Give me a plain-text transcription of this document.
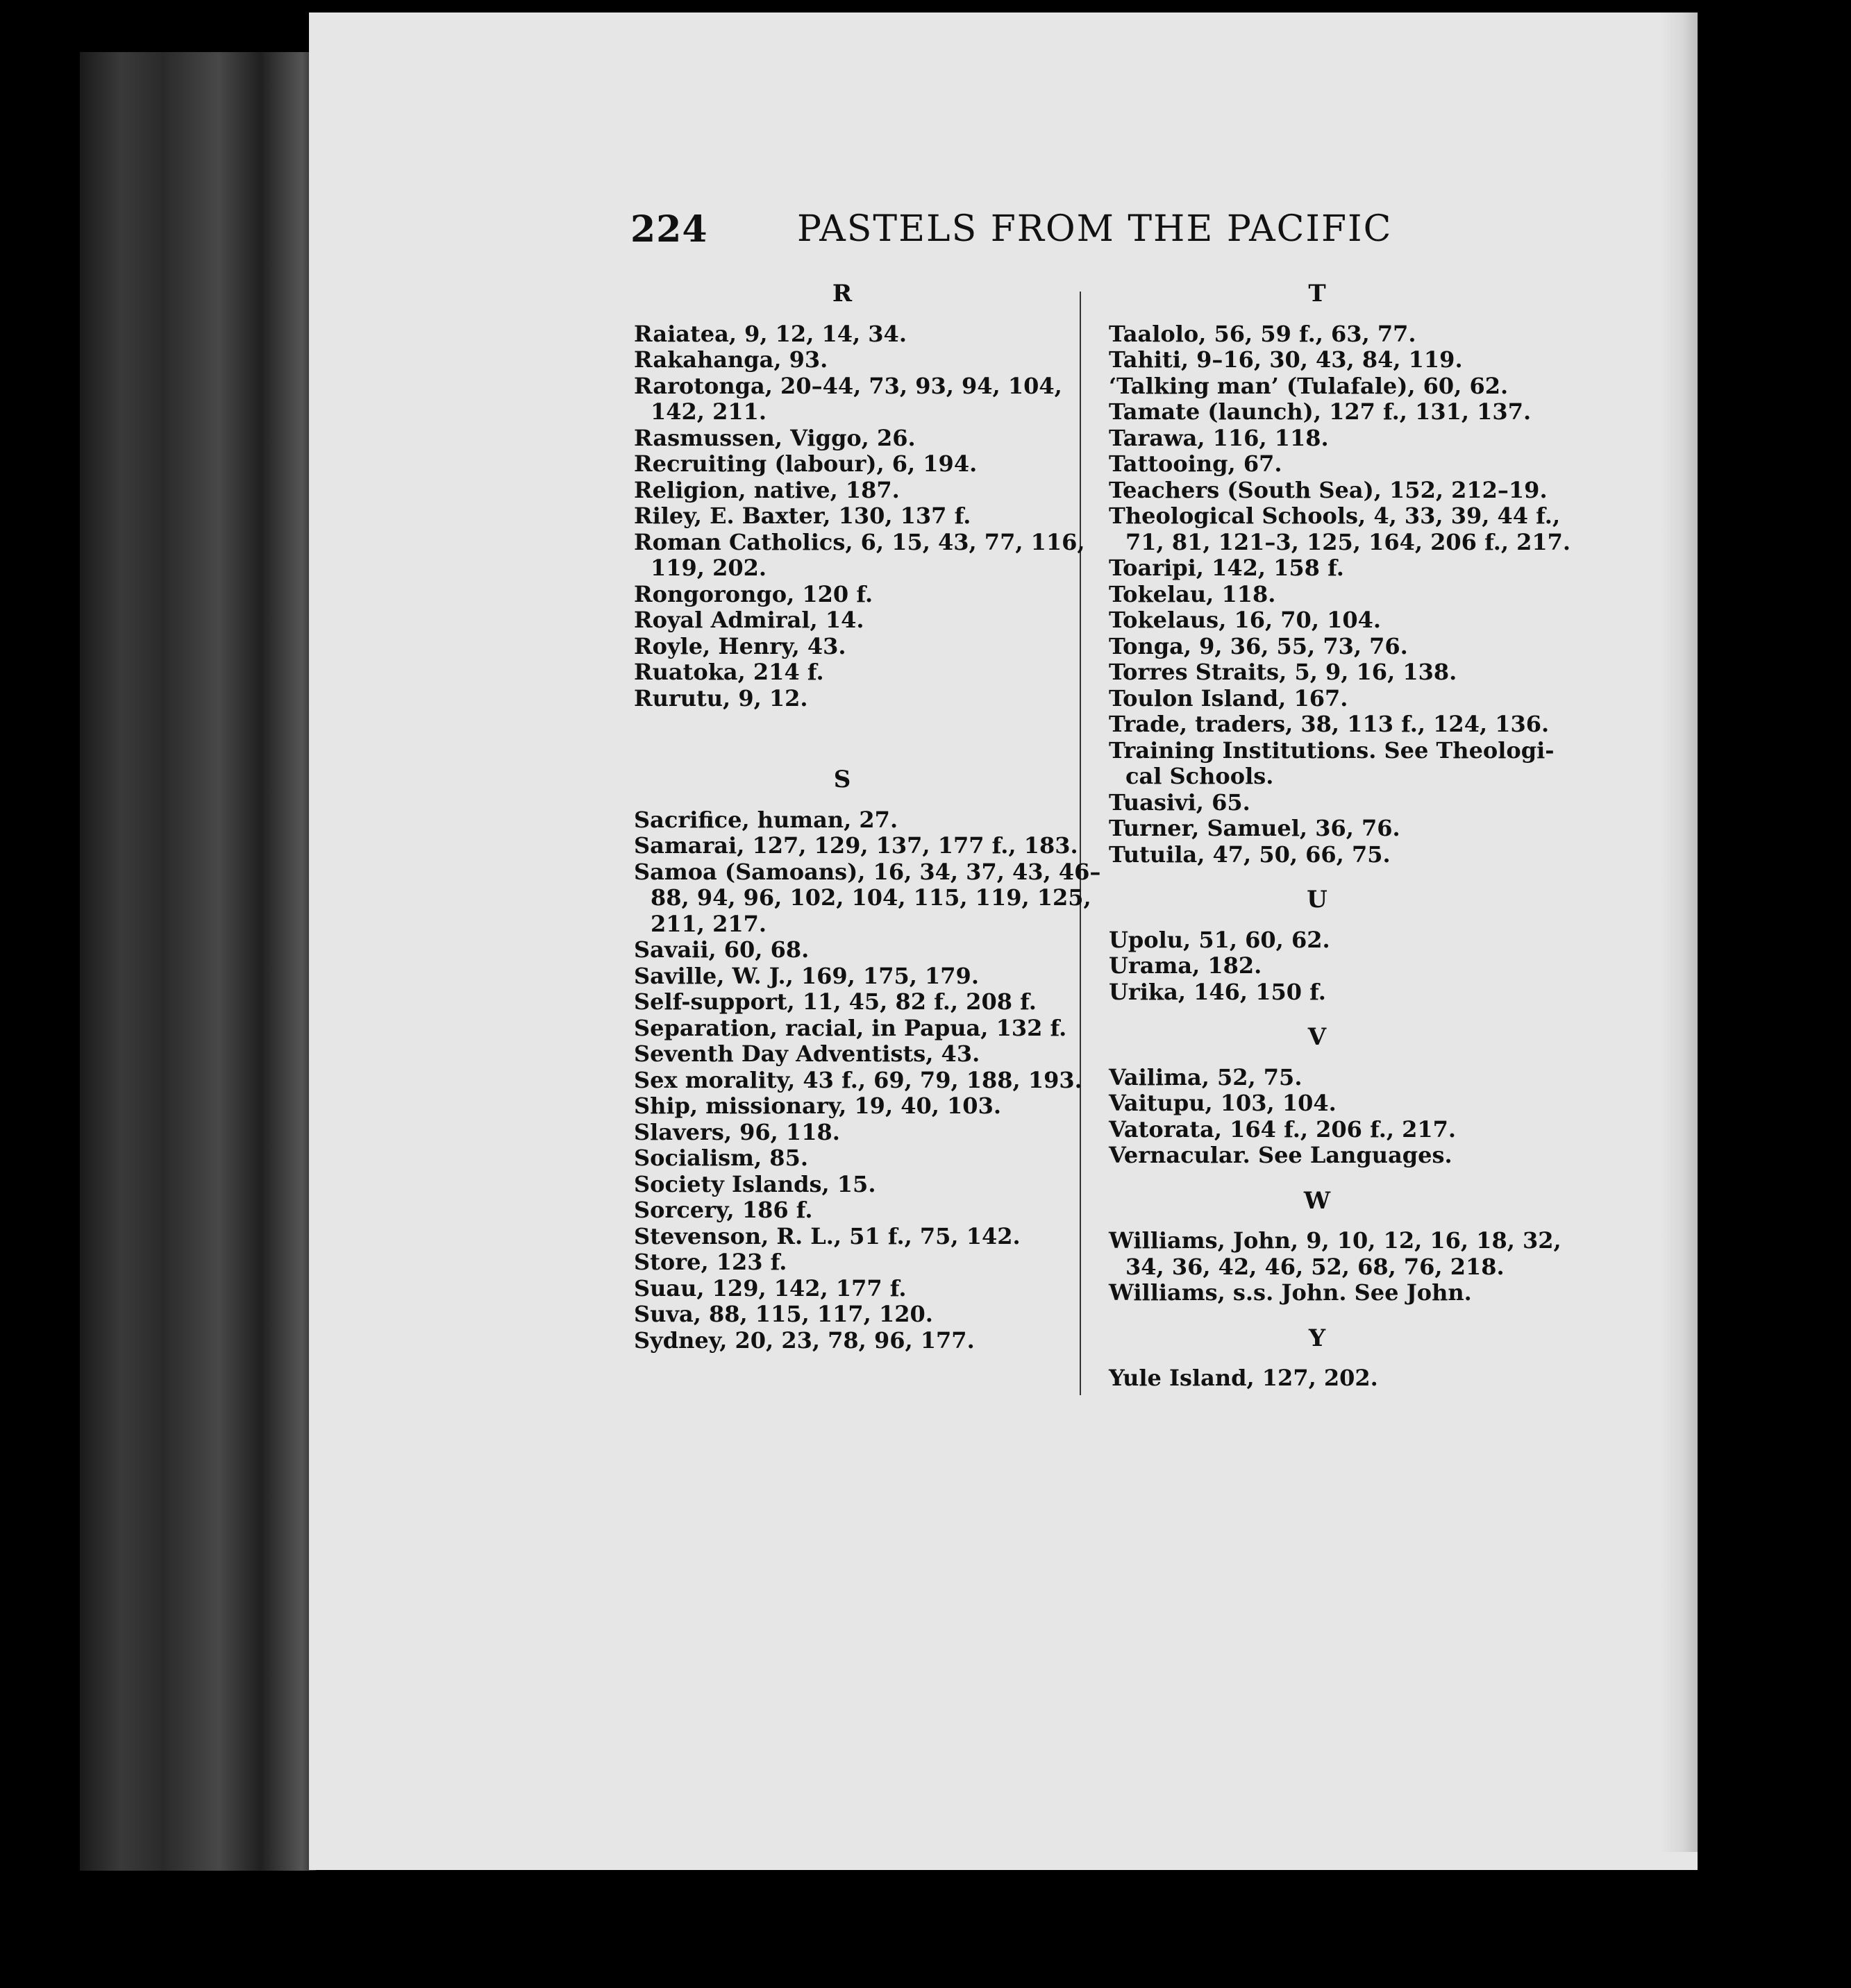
224 PASTELS FROM THE PACIFIC
R
Raiatea, 9, 12, 14, 34.
Rakahanga, 93.
Rarotonga, 20–44, 73, 93, 94, 104,

142, 211.
Rasmussen, Viggo, 26.
Recruiting (labour), 6, 194.
Religion, native, 187.
Riley, E. Baxter, 130, 137 f.
Roman Catholics, 6, 15, 43, 77, 116,

119, 202.
Rongorongo, 120 f.
Royal Admiral, 14.
Royle, Henry, 43.
Ruatoka, 214 f.
Rurutu, 9, 12.
S
Sacrifice, human, 27.
Samarai, 127, 129, 137, 177 f., 183.
Samoa (Samoans), 16, 34, 37, 43, 46–

88, 94, 96, 102, 104, 115, 119, 125,
211, 217.
Savaii, 60, 68.
Saville, W. J., 169, 175, 179.
Self-support, 11, 45, 82 f., 208 f.
Separation, racial, in Papua, 132 f.
Seventh Day Adventists, 43.
Sex morality, 43 f., 69, 79, 188, 193.
Ship, missionary, 19, 40, 103.
Slavers, 96, 118.
Socialism, 85.
Society Islands, 15.
Sorcery, 186 f.
Stevenson, R. L., 51 f., 75, 142.
Store, 123 f.
Suau, 129, 142, 177 f.
Suva, 88, 115, 117, 120.
Sydney, 20, 23, 78, 96, 177.
T
Taalolo, 56, 59 f., 63, 77.
Tahiti, 9–16, 30, 43, 84, 119.
‘Talking man’ (Tulafale), 60, 62.
Tamate (launch), 127 f., 131, 137.
Tarawa, 116, 118.
Tattooing, 67.
Teachers (South Sea), 152, 212–19.
Theological Schools, 4, 33, 39, 44 f.,

71, 81, 121–3, 125, 164, 206 f., 217.
Toaripi, 142, 158 f.
Tokelau, 118.
Tokelaus, 16, 70, 104.
Tonga, 9, 36, 55, 73, 76.
Torres Straits, 5, 9, 16, 138.
Toulon Island, 167.
Trade, traders, 38, 113 f., 124, 136.
Training Institutions. See Theologi-

cal Schools.
Tuasivi, 65.
Turner, Samuel, 36, 76.
Tutuila, 47, 50, 66, 75.
U
Upolu, 51, 60, 62.
Urama, 182.
Urika, 146, 150 f.
V
Vailima, 52, 75.
Vaitupu, 103, 104.
Vatorata, 164 f., 206 f., 217.
Vernacular. See Languages.
W
Williams, John, 9, 10, 12, 16, 18, 32,

34, 36, 42, 46, 52, 68, 76, 218.
Williams, s.s. John. See John.
Y
Yule Island, 127, 202.
